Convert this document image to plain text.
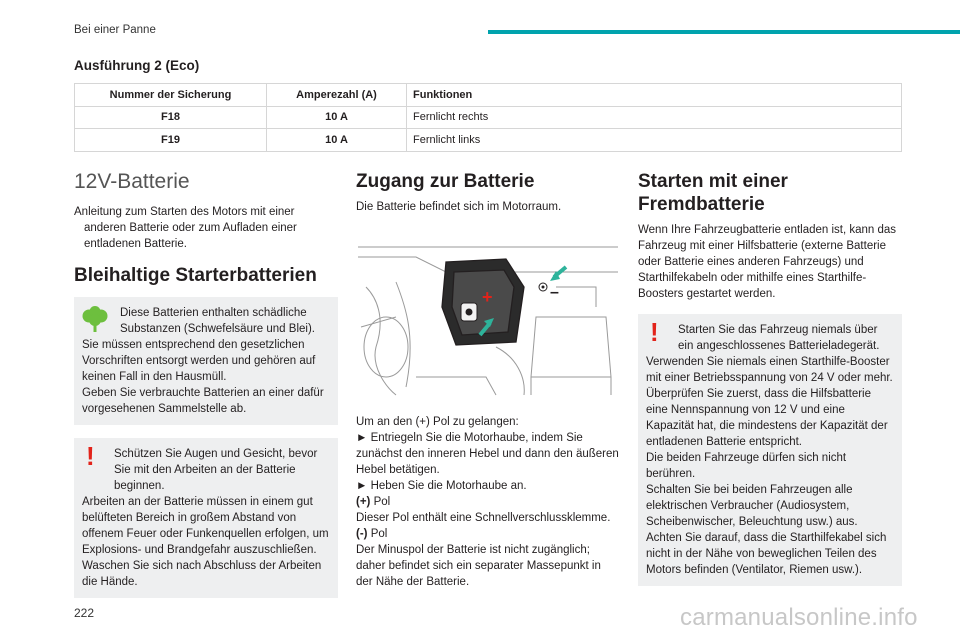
Bei einer Panne
Ausführung 2 (Eco)
Nummer der Sicherung	Amperezahl (A)	Funktionen
F18	10 A	Fernlicht rechts
F19	10 A	Fernlicht links
12V-Batterie
Anleitung zum Starten des Motors mit einer anderen Batterie oder zum Aufladen einer entladenen Batterie.
Bleihaltige Starterbatterien
Diese Batterien enthalten schädliche Substanzen (Schwefelsäure und Blei).
Sie müssen entsprechend den gesetzlichen Vorschriften entsorgt werden und gehören auf keinen Fall in den Hausmüll.
Geben Sie verbrauchte Batterien an einer dafür vorgesehenen Sammelstelle ab.
!	Schützen Sie Augen und Gesicht, bevor Sie mit den Arbeiten an der Batterie beginnen.
Arbeiten an der Batterie müssen in einem gut belüfteten Bereich in großem Abstand von offenem Feuer oder Funkenquellen erfolgen, um Explosions- und Brandgefahr auszuschließen.
Waschen Sie sich nach Abschluss der Arbeiten die Hände.
Zugang zur Batterie
Die Batterie befindet sich im Motorraum.
+	–
Um an den (+) Pol zu gelangen:
► Entriegeln Sie die Motorhaube, indem Sie zunächst den inneren Hebel und dann den äußeren Hebel betätigen.
► Heben Sie die Motorhaube an.
(+) Pol
Dieser Pol enthält eine Schnellverschlussklemme.
(-) Pol
Der Minuspol der Batterie ist nicht zugänglich; daher befindet sich ein separater Massepunkt in der Nähe der Batterie.
Starten mit einer Fremdbatterie
Wenn Ihre Fahrzeugbatterie entladen ist, kann das Fahrzeug mit einer Hilfsbatterie (externe Batterie oder Batterie eines anderen Fahrzeugs) und Starthilfekabeln oder mithilfe eines Starthilfe-Boosters gestartet werden.
!	Starten Sie das Fahrzeug niemals über ein angeschlossenes Batterieladegerät.
Verwenden Sie niemals einen Starthilfe-Booster mit einer Betriebsspannung von 24 V oder mehr.
Überprüfen Sie zuerst, dass die Hilfsbatterie eine Nennspannung von 12 V und eine Kapazität hat, die mindestens der Kapazität der entladenen Batterie entspricht.
Die beiden Fahrzeuge dürfen sich nicht berühren.
Schalten Sie bei beiden Fahrzeugen alle elektrischen Verbraucher (Audiosystem, Scheibenwischer, Beleuchtung usw.) aus.
Achten Sie darauf, dass die Starthilfekabel sich nicht in der Nähe von beweglichen Teilen des Motors befinden (Ventilator, Riemen usw.).
222	carmanualsonline.info
